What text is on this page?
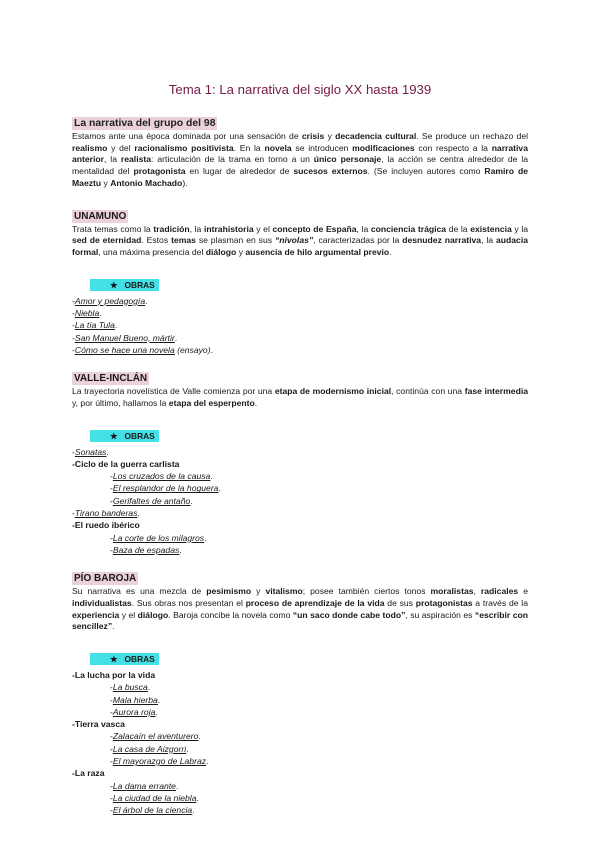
Tema 1: La narrativa del siglo XX hasta 1939
La narrativa del grupo del 98

Estamos ante una época dominada por una sensación de crisis y decadencia cultural. Se produce un rechazo del realismo y del racionalismo positivista. En la novela se introducen modificaciones con respecto a la narrativa anterior, la realista: articulación de la trama en torno a un único personaje, la acción se centra alrededor de la mentalidad del protagonista en lugar de alrededor de sucesos externos. (Se incluyen autores como Ramiro de Maeztu y Antonio Machado).

UNAMUNO

Trata temas como la tradición, la intrahistoria y el concepto de España, la conciencia trágica de la existencia y la sed de eternidad. Estos temas se plasman en sus “nivolas”, caracterizadas por la desnudez narrativa, la audacia formal, una máxima presencia del diálogo y ausencia de hilo argumental previo.

★   OBRAS
-Amor y pedagogía.
-Niebla.
-La tía Tula.
-San Manuel Bueno, mártir.
-Cómo se hace una novela (ensayo).
VALLE-INCLÁN

La trayectoria novelística de Valle comienza por una etapa de modernismo inicial, continúa con una fase intermedia y, por último, hallamos la etapa del esperpento.

★   OBRAS
-Sonatas.
-Ciclo de la guerra carlista
-Los cruzados de la causa.
-El resplandor de la hoguera.
-Gerifaltes de antaño.
-Tirano banderas.
-El ruedo ibérico
-La corte de los milagros.
-Baza de espadas.
PÍO BAROJA

Su narrativa es una mezcla de pesimismo y vitalismo; posee también ciertos tonos moralistas, radicales e individualistas. Sus obras nos presentan el proceso de aprendizaje de la vida de sus protagonistas a través de la experiencia y el diálogo. Baroja concibe la novela como “un saco donde cabe todo”, su aspiración es “escribir con sencillez”.

★   OBRAS
-La lucha por la vida
-La busca.
-Mala hierba.
-Aurora roja.
-Tierra vasca
-Zalacaín el aventurero.
-La casa de Aizgorri.
-El mayorazgo de Labraz.
-La raza
-La dama errante.
-La ciudad de la niebla.
-El árbol de la ciencia.
